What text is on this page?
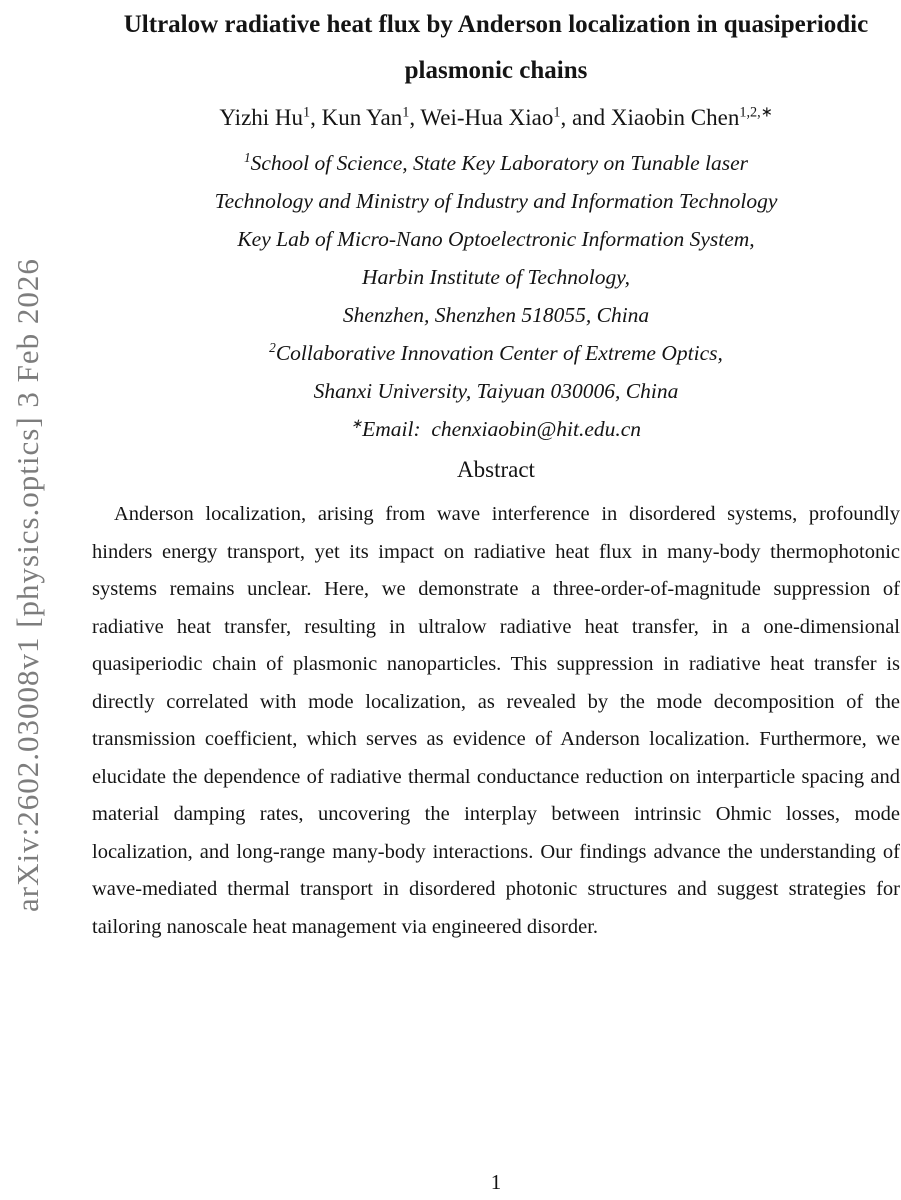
arXiv:2602.03008v1 [physics.optics] 3 Feb 2026
Ultralow radiative heat flux by Anderson localization in quasiperiodic
plasmonic chains
Yizhi Hu$^1$, Kun Yan$^1$, Wei-Hua Xiao$^1$, and Xiaobin Chen$^{1,2,∗}$
$^1$School of Science, State Key Laboratory on Tunable laser
Technology and Ministry of Industry and Information Technology
Key Lab of Micro-Nano Optoelectronic Information System,
Harbin Institute of Technology,
Shenzhen, Shenzhen 518055, China
$^2$Collaborative Innovation Center of Extreme Optics,
Shanxi University, Taiyuan 030006, China
∗Email: chenxiaobin@hit.edu.cn
Abstract

Anderson localization, arising from wave interference in disordered systems, profoundly hinders energy transport, yet its impact on radiative heat flux in many-body thermophotonic systems remains unclear. Here, we demonstrate a three-order-of-magnitude suppression of radiative heat transfer, resulting in ultralow radiative heat transfer, in a one-dimensional quasiperiodic chain of plasmonic nanoparticles. This suppression in radiative heat transfer is directly correlated with mode localization, as revealed by the mode decomposition of the transmission coefficient, which serves as evidence of Anderson localization. Furthermore, we elucidate the dependence of radiative thermal conductance reduction on interparticle spacing and material damping rates, uncovering the interplay between intrinsic Ohmic losses, mode localization, and long-range many-body interactions. Our findings advance the understanding of wave-mediated thermal transport in disordered photonic structures and suggest strategies for tailoring nanoscale heat management via engineered disorder.

1
